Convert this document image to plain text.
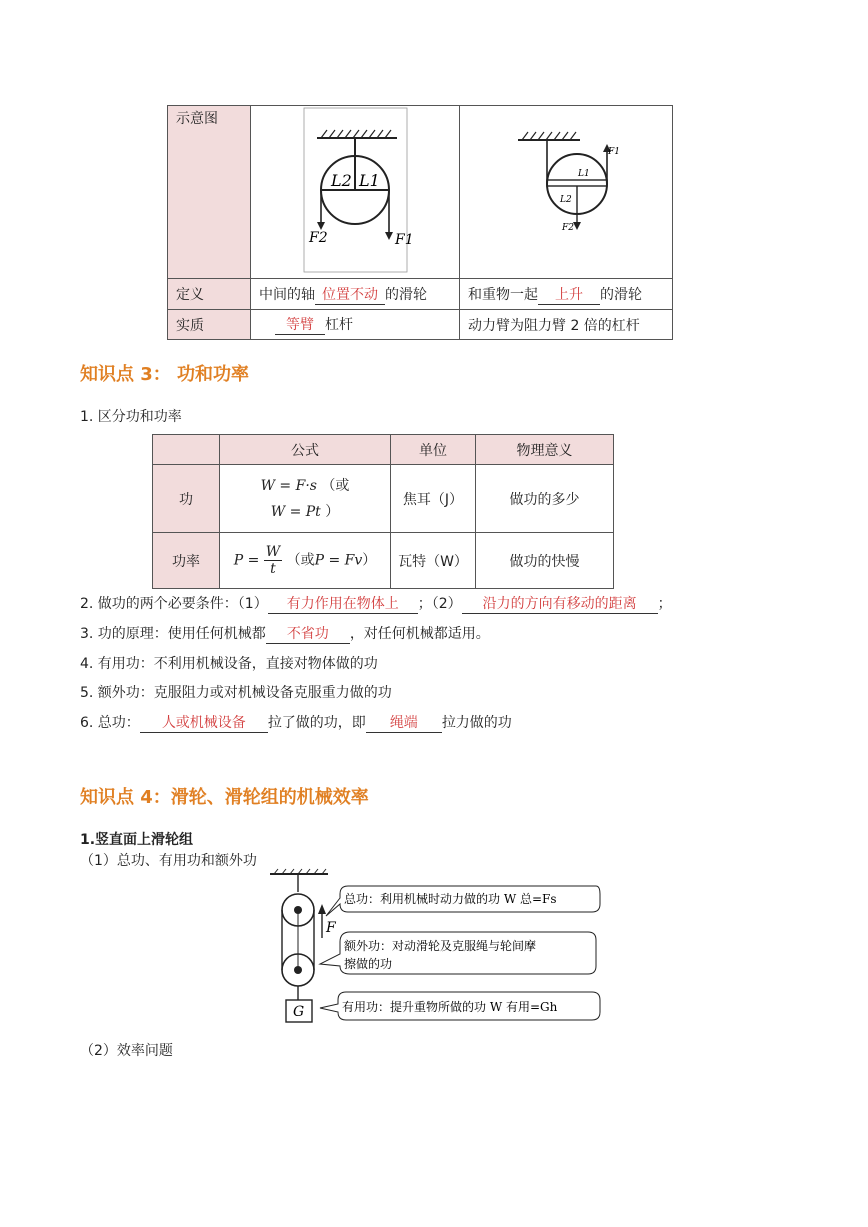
示意图	L2 L1
F2 F1	L1
L2
F1
F2

定义	中间的轴 位置不动 的滑轮	和重物一起 上升 的滑轮
实质	等臂 杠杆	动力臂为阻力臂 2 倍的杠杆
知识点 3： 功和功率
1. 区分功和功率
	公式	单位	物理意义
功	W = F·s （或
W = Pt ）	焦耳（J）	做功的多少
功率	$P = \frac{W}{t}$ （或P = Fv）	瓦特（W）	做功的快慢
2. 做功的两个必要条件：（1） 有力作用在物体上 ；（2） 沿力的方向有移动的距离 ；
3. 功的原理：使用任何机械都 不省功 ，对任何机械都适用。
4. 有用功：不利用机械设备，直接对物体做的功
5. 额外功：克服阻力或对机械设备克服重力做的功
6. 总功： 人或机械设备 拉了做的功，即 绳端 拉力做的功
知识点 4：滑轮、滑轮组的机械效率
1.竖直面上滑轮组
（1）总功、有用功和额外功
F
G
总功：利用机械时动力做的功 W 总=Fs
额外功：对动滑轮及克服绳与轮间摩
擦做的功
有用功：提升重物所做的功 W 有用=Gh
（2）效率问题
